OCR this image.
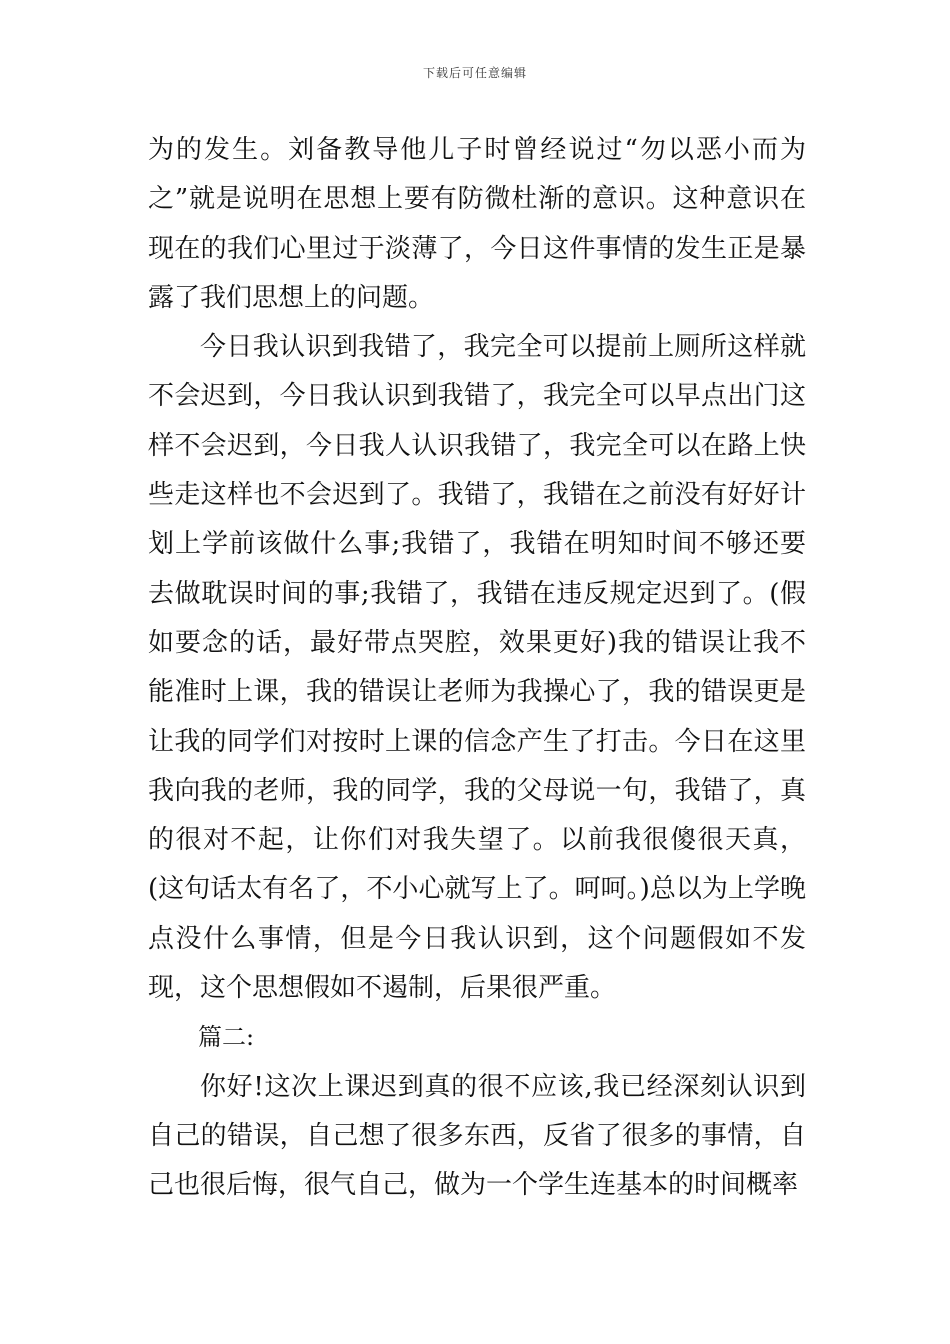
下载后可任意编辑

为的发生。刘备教导他儿子时曾经说过“勿以恶小而为之”就是说明在思想上要有防微杜渐的意识。这种意识在现在的我们心里过于淡薄了，今日这件事情的发生正是暴露了我们思想上的问题。

今日我认识到我错了，我完全可以提前上厕所这样就不会迟到，今日我认识到我错了，我完全可以早点出门这样不会迟到，今日我人认识我错了，我完全可以在路上快些走这样也不会迟到了。我错了，我错在之前没有好好计划上学前该做什么事;我错了，我错在明知时间不够还要去做耽误时间的事;我错了，我错在违反规定迟到了。(假如要念的话，最好带点哭腔，效果更好)我的错误让我不能准时上课，我的错误让老师为我操心了，我的错误更是让我的同学们对按时上课的信念产生了打击。今日在这里我向我的老师，我的同学，我的父母说一句，我错了，真的很对不起，让你们对我失望了。以前我很傻很天真，(这句话太有名了，不小心就写上了。呵呵。)总以为上学晚点没什么事情，但是今日我认识到，这个问题假如不发现，这个思想假如不遏制，后果很严重。

篇二:

你好!这次上课迟到真的很不应该,我已经深刻认识到自己的错误，自己想了很多东西，反省了很多的事情，自己也很后悔，很气自己，做为一个学生连基本的时间概率
